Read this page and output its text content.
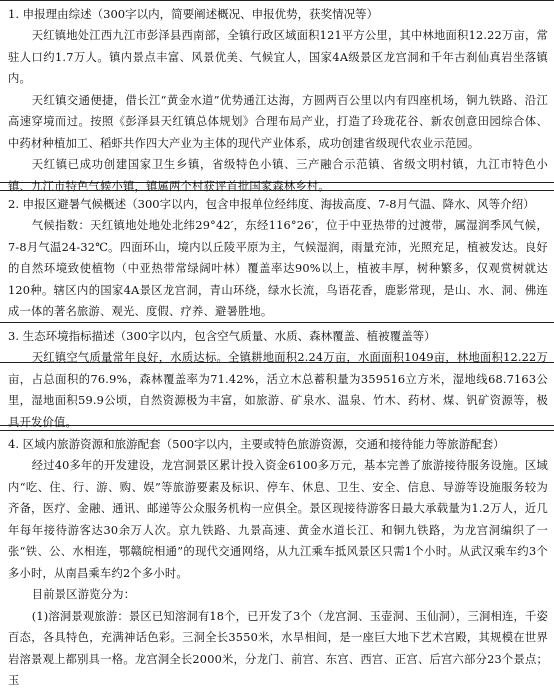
1. 申报理由综述（300字以内，简要阐述概况、申报优势，获奖情况等）

天红镇地处江西九江市彭泽县西南部，全镇行政区域面积121平方公里，其中林地面积12.22万亩，常驻人口约1.7万人。镇内景点丰富、风景优美、气候宜人，国家4A级景区龙宫洞和千年古刹仙真岩坐落镇内。

天红镇交通便捷，借长江“黄金水道”优势通江达海，方圆两百公里以内有四座机场，铜九铁路、沿江高速穿境而过。按照《彭泽县天红镇总体规划》合理布局产业，打造了玲珑花谷、新农创意田园综合体、中药材种植加工、稻虾共作四大产业为主体的现代产业体系，成功创建省级现代农业示范园。

天红镇已成功创建国家卫生乡镇，省级特色小镇、三产融合示范镇、省级文明村镇，九江市特色小镇、九江市特色气候小镇，镇属两个村获评首批国家森林乡村。

2. 申报区避暑气候概述（300字以内，包含申报单位经纬度、海拔高度、7-8月气温、降水、风等介绍）

气候指数：天红镇地处地处北纬29°42′，东经116°26′，位于中亚热带的过渡带，属湿润季风气候，7-8月气温24-32℃。四面环山，境内以丘陵平原为主，气候湿润，雨量充沛，光照充足，植被发达。良好的自然环境致使植物（中亚热带常绿阔叶林）覆盖率达90%以上，植被丰厚，树种繁多，仅观赏树就达120种。辖区内的国家4A景区龙宫洞，青山环绕，绿水长流，鸟语花香，鹿影常现，是山、水、洞、佛连成一体的著名旅游、观光、度假、疗养、避暑胜地。

3. 生态环境指标描述（300字以内，包含空气质量、水质、森林覆盖、植被覆盖等）

天红镇空气质量常年良好，水质达标。全镇耕地面积2.24万亩，水面面积1049亩，林地面积12.22万亩，占总面积的76.9%，森林覆盖率为71.42%，活立木总蓄积量为359516立方米，湿地线68.7163公里，湿地面积59.9公顷，自然资源极为丰富，如旅游、矿泉水、温泉、竹木、药材、煤、钒矿资源等，极具开发价值。

4. 区域内旅游资源和旅游配套（500字以内，主要或特色旅游资源，交通和接待能力等旅游配套）

经过40多年的开发建设，龙宫洞景区累计投入资金6100多万元，基本完善了旅游接待服务设施。区域内“吃、住、行、游、购、娱”等旅游要素及标识、停车、休息、卫生、安全、信息、导游等设施服务较为齐备，医疗、金融、通讯、邮递等公众服务机构一应俱全。景区现接待游客日最大承载量为1.2万人，近几年每年接待游客达30余万人次。京九铁路、九景高速、黄金水道长江、和铜九铁路，为龙宫洞编织了一张“铁、公、水相连，鄂赣皖相通”的现代交通网络，从九江乘车抵风景区只需1个小时。从武汉乘车约3个多小时，从南昌乘车约2个多小时。

目前景区游览分为：

(1)溶洞景观旅游：景区已知溶洞有18个，已开发了3个（龙宫洞、玉壶洞、玉仙洞），三洞相连，千姿百态，各具特色，充满神话色彩。三洞全长3550米，水旱相间，是一座巨大地下艺术宫殿，其规模在世界岩溶景观上都别具一格。龙宫洞全长2000米，分龙门、前宫、东宫、西宫、正宫、后宫六部分23个景点；玉
